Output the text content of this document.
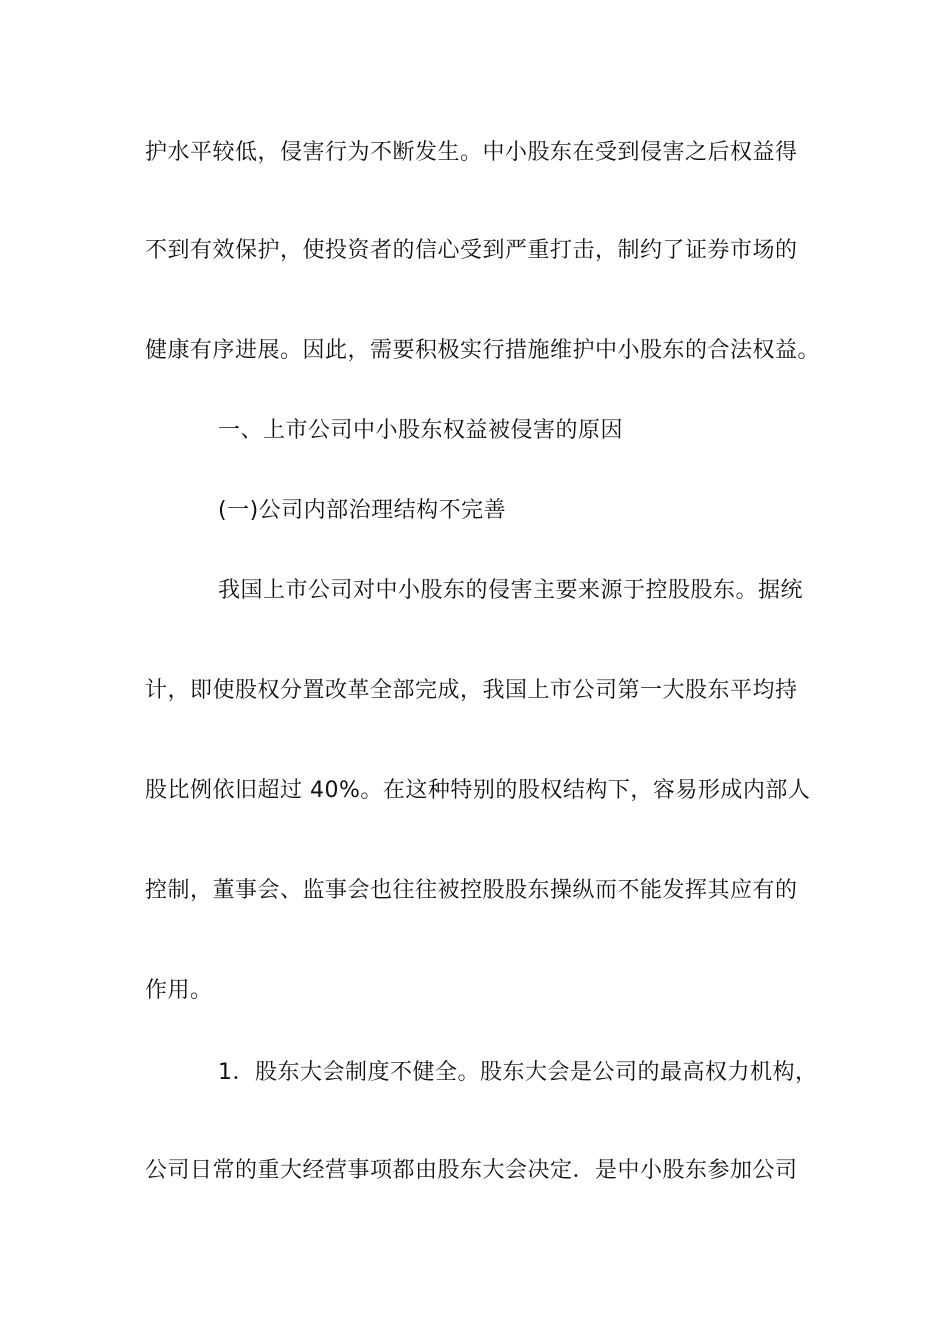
护水平较低，侵害行为不断发生。中小股东在受到侵害之后权益得
不到有效保护，使投资者的信心受到严重打击，制约了证券市场的
健康有序进展。因此，需要积极实行措施维护中小股东的合法权益。
一、上市公司中小股东权益被侵害的原因
(一)公司内部治理结构不完善
我国上市公司对中小股东的侵害主要来源于控股股东。据统
计，即使股权分置改革全部完成，我国上市公司第一大股东平均持
股比例依旧超过 40%。在这种特别的股权结构下，容易形成内部人
控制，董事会、监事会也往往被控股股东操纵而不能发挥其应有的
作用。
1．股东大会制度不健全。股东大会是公司的最高权力机构，
公司日常的重大经营事项都由股东大会决定．是中小股东参加公司
